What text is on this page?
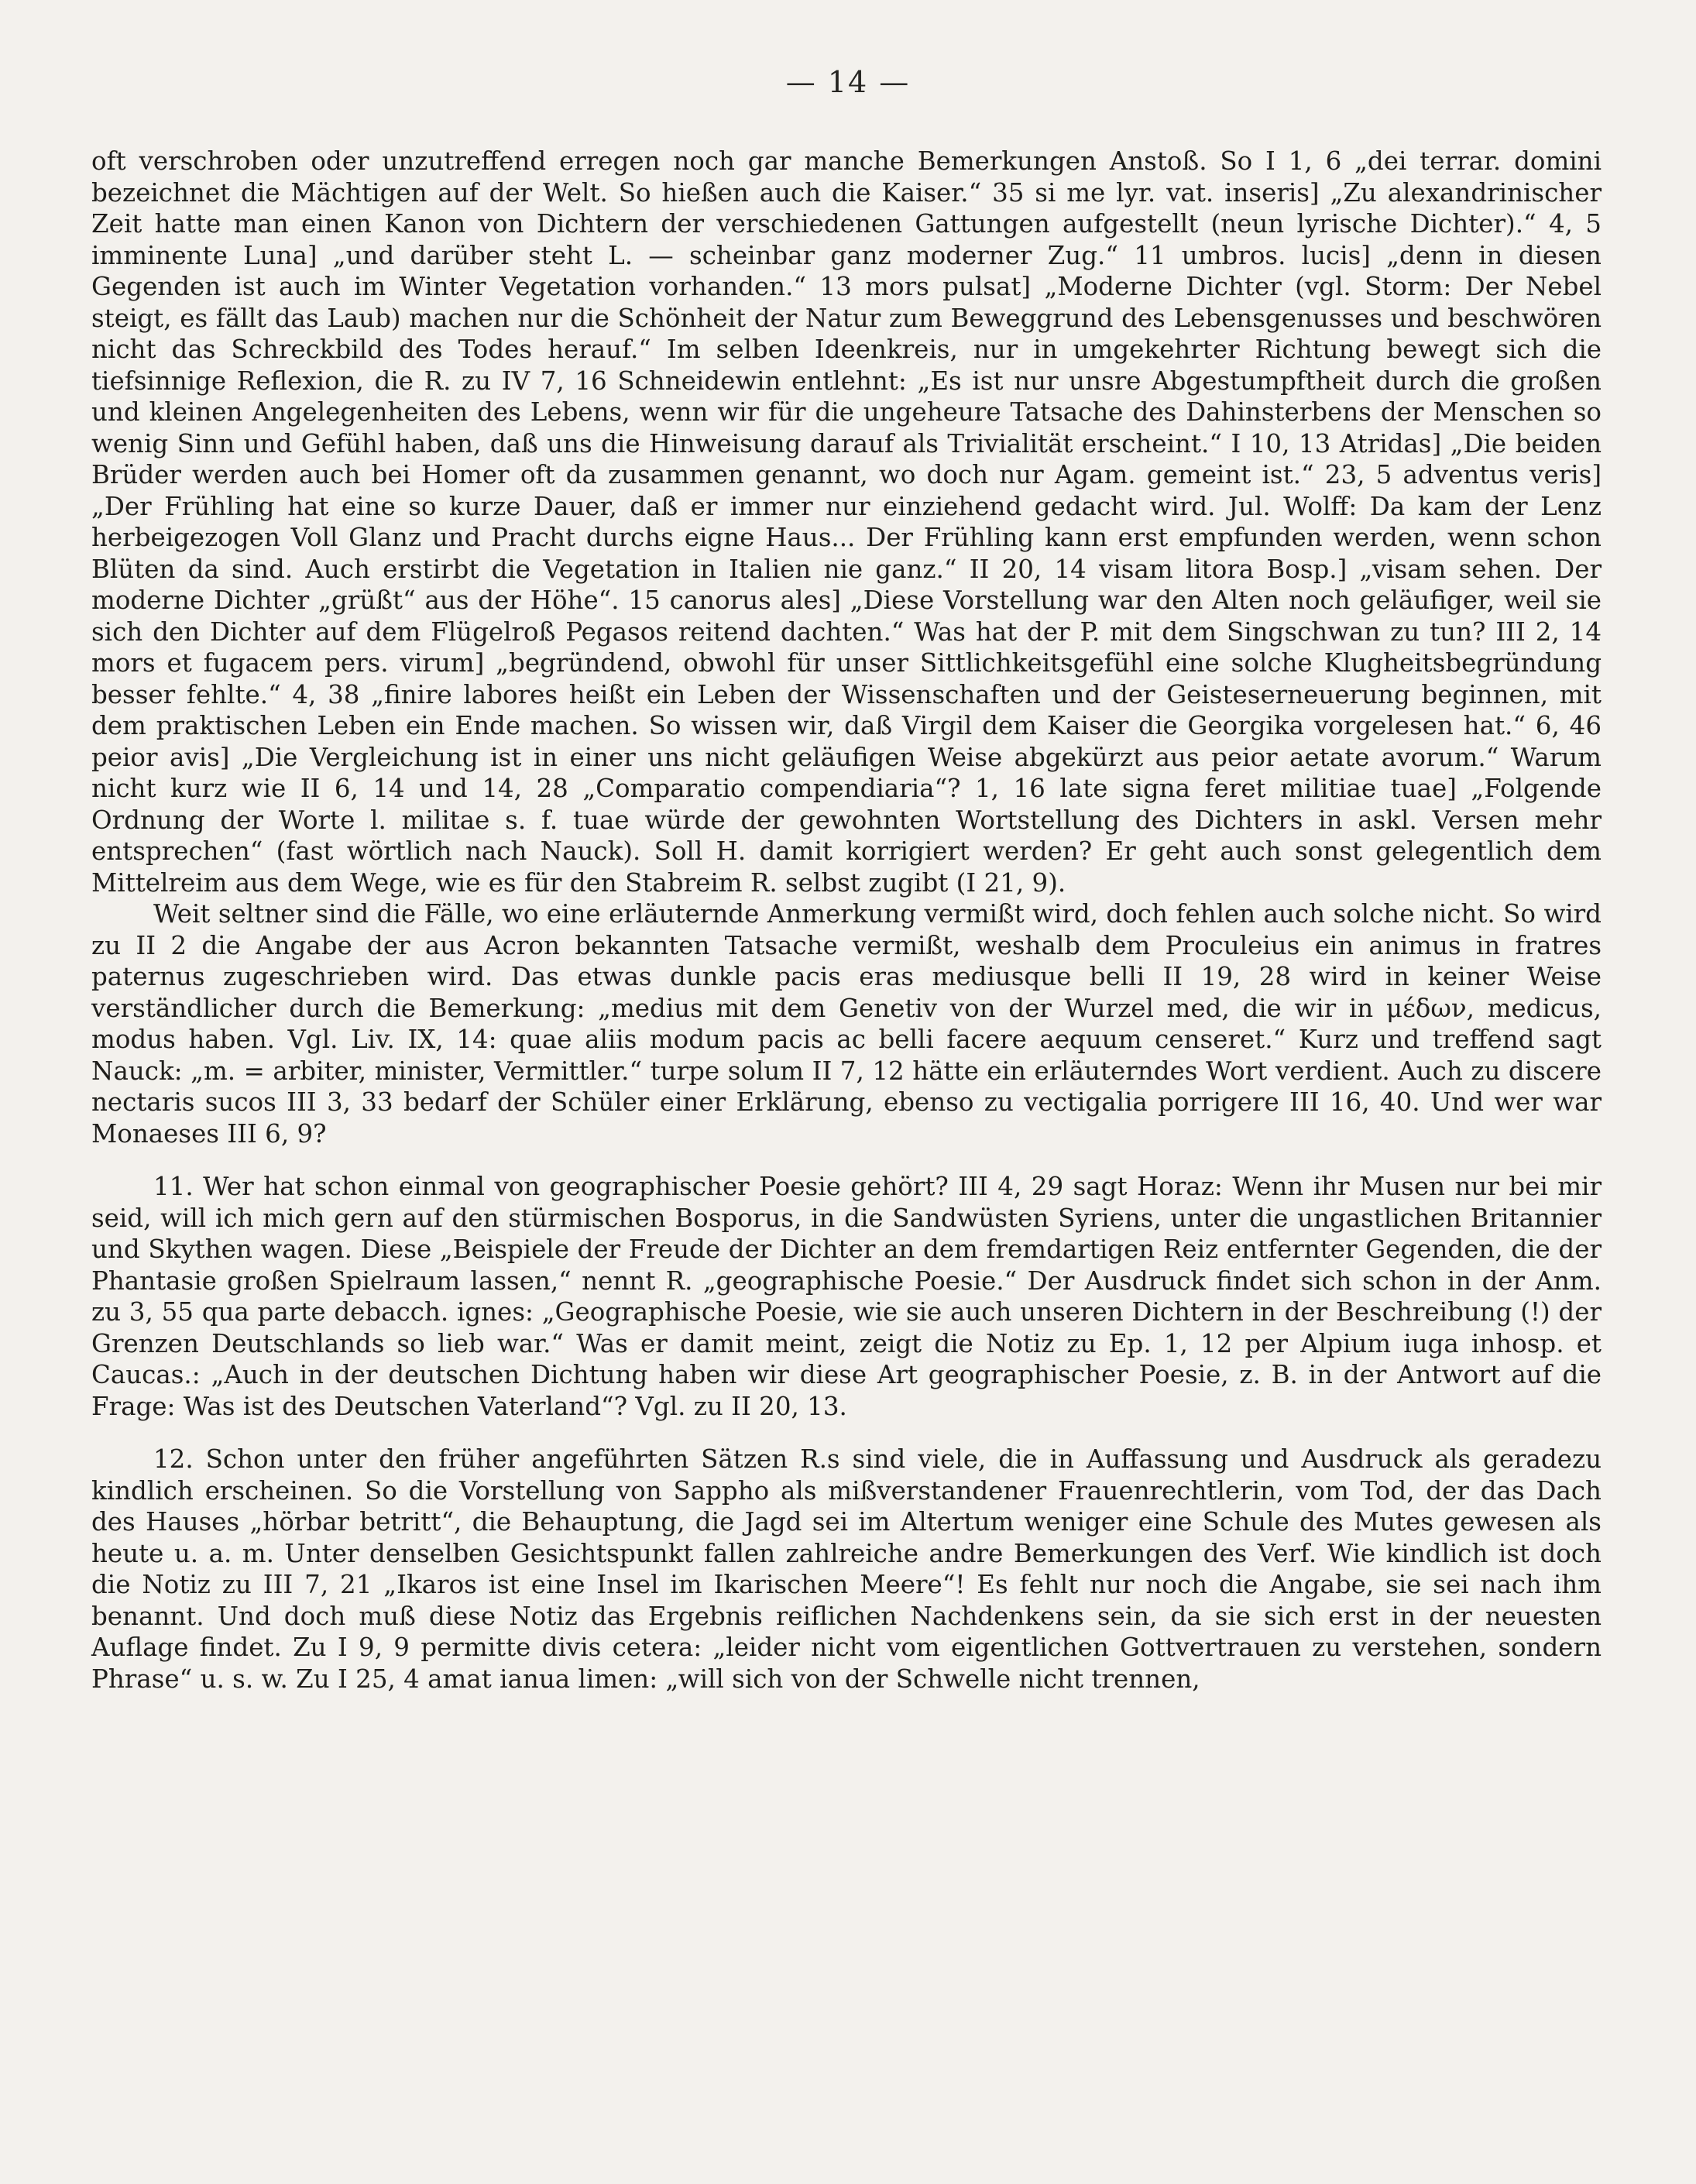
— 14 —

oft verschroben oder unzutreffend erregen noch gar manche Bemerkungen Anstoß. So I 1, 6 „dei terrar. domini bezeichnet die Mächtigen auf der Welt. So hießen auch die Kaiser.“ 35 si me lyr. vat. inseris] „Zu alexandrinischer Zeit hatte man einen Kanon von Dichtern der verschiedenen Gattungen aufgestellt (neun lyrische Dichter).“ 4, 5 imminente Luna] „und darüber steht L. — scheinbar ganz moderner Zug.“ 11 umbros. lucis] „denn in diesen Gegenden ist auch im Winter Vegetation vorhanden.“ 13 mors pulsat] „Moderne Dichter (vgl. Storm: Der Nebel steigt, es fällt das Laub) machen nur die Schönheit der Natur zum Beweggrund des Lebensgenusses und beschwören nicht das Schreckbild des Todes herauf.“ Im selben Ideenkreis, nur in umgekehrter Richtung bewegt sich die tiefsinnige Reflexion, die R. zu IV 7, 16 Schneidewin entlehnt: „Es ist nur unsre Abgestumpftheit durch die großen und kleinen Angelegenheiten des Lebens, wenn wir für die ungeheure Tatsache des Dahinsterbens der Menschen so wenig Sinn und Gefühl haben, daß uns die Hinweisung darauf als Trivialität erscheint.“ I 10, 13 Atridas] „Die beiden Brüder werden auch bei Homer oft da zusammen genannt, wo doch nur Agam. gemeint ist.“ 23, 5 adventus veris] „Der Frühling hat eine so kurze Dauer, daß er immer nur einziehend gedacht wird. Jul. Wolff: Da kam der Lenz herbeigezogen Voll Glanz und Pracht durchs eigne Haus... Der Frühling kann erst empfunden werden, wenn schon Blüten da sind. Auch erstirbt die Vegetation in Italien nie ganz.“ II 20, 14 visam litora Bosp.] „visam sehen. Der moderne Dichter „grüßt“ aus der Höhe“. 15 canorus ales] „Diese Vorstellung war den Alten noch geläufiger, weil sie sich den Dichter auf dem Flügelroß Pegasos reitend dachten.“ Was hat der P. mit dem Singschwan zu tun? III 2, 14 mors et fugacem pers. virum] „begründend, obwohl für unser Sittlichkeitsgefühl eine solche Klugheitsbegründung besser fehlte.“ 4, 38 „finire labores heißt ein Leben der Wissenschaften und der Geisteserneuerung beginnen, mit dem praktischen Leben ein Ende machen. So wissen wir, daß Virgil dem Kaiser die Georgika vorgelesen hat.“ 6, 46 peior avis] „Die Vergleichung ist in einer uns nicht geläufigen Weise abgekürzt aus peior aetate avorum.“ Warum nicht kurz wie II 6, 14 und 14, 28 „Comparatio compendiaria“? 1, 16 late signa feret militiae tuae] „Folgende Ordnung der Worte l. militae s. f. tuae würde der gewohnten Wortstellung des Dichters in askl. Versen mehr entsprechen“ (fast wörtlich nach Nauck). Soll H. damit korrigiert werden? Er geht auch sonst gelegentlich dem Mittelreim aus dem Wege, wie es für den Stabreim R. selbst zugibt (I 21, 9).

Weit seltner sind die Fälle, wo eine erläuternde Anmerkung vermißt wird, doch fehlen auch solche nicht. So wird zu II 2 die Angabe der aus Acron bekannten Tatsache vermißt, weshalb dem Proculeius ein animus in fratres paternus zugeschrieben wird. Das etwas dunkle pacis eras mediusque belli II 19, 28 wird in keiner Weise verständlicher durch die Bemerkung: „medius mit dem Genetiv von der Wurzel med, die wir in μέδων, medicus, modus haben. Vgl. Liv. IX, 14: quae aliis modum pacis ac belli facere aequum censeret.“ Kurz und treffend sagt Nauck: „m. = arbiter, minister, Vermittler.“ turpe solum II 7, 12 hätte ein erläuterndes Wort verdient. Auch zu discere nectaris sucos III 3, 33 bedarf der Schüler einer Erklärung, ebenso zu vectigalia porrigere III 16, 40. Und wer war Monaeses III 6, 9?

11. Wer hat schon einmal von geographischer Poesie gehört? III 4, 29 sagt Horaz: Wenn ihr Musen nur bei mir seid, will ich mich gern auf den stürmischen Bosporus, in die Sandwüsten Syriens, unter die ungastlichen Britannier und Skythen wagen. Diese „Beispiele der Freude der Dichter an dem fremdartigen Reiz entfernter Gegenden, die der Phantasie großen Spielraum lassen,“ nennt R. „geographische Poesie.“ Der Ausdruck findet sich schon in der Anm. zu 3, 55 qua parte debacch. ignes: „Geographische Poesie, wie sie auch unseren Dichtern in der Beschreibung (!) der Grenzen Deutschlands so lieb war.“ Was er damit meint, zeigt die Notiz zu Ep. 1, 12 per Alpium iuga inhosp. et Caucas.: „Auch in der deutschen Dichtung haben wir diese Art geographischer Poesie, z. B. in der Antwort auf die Frage: Was ist des Deutschen Vaterland“? Vgl. zu II 20, 13.

12. Schon unter den früher angeführten Sätzen R.s sind viele, die in Auffassung und Ausdruck als geradezu kindlich erscheinen. So die Vorstellung von Sappho als mißverstandener Frauenrechtlerin, vom Tod, der das Dach des Hauses „hörbar betritt“, die Behauptung, die Jagd sei im Altertum weniger eine Schule des Mutes gewesen als heute u. a. m. Unter denselben Gesichtspunkt fallen zahlreiche andre Bemerkungen des Verf. Wie kindlich ist doch die Notiz zu III 7, 21 „Ikaros ist eine Insel im Ikarischen Meere“! Es fehlt nur noch die Angabe, sie sei nach ihm benannt. Und doch muß diese Notiz das Ergebnis reiflichen Nachdenkens sein, da sie sich erst in der neuesten Auflage findet. Zu I 9, 9 permitte divis cetera: „leider nicht vom eigentlichen Gottvertrauen zu verstehen, sondern Phrase“ u. s. w. Zu I 25, 4 amat ianua limen: „will sich von der Schwelle nicht trennen,
